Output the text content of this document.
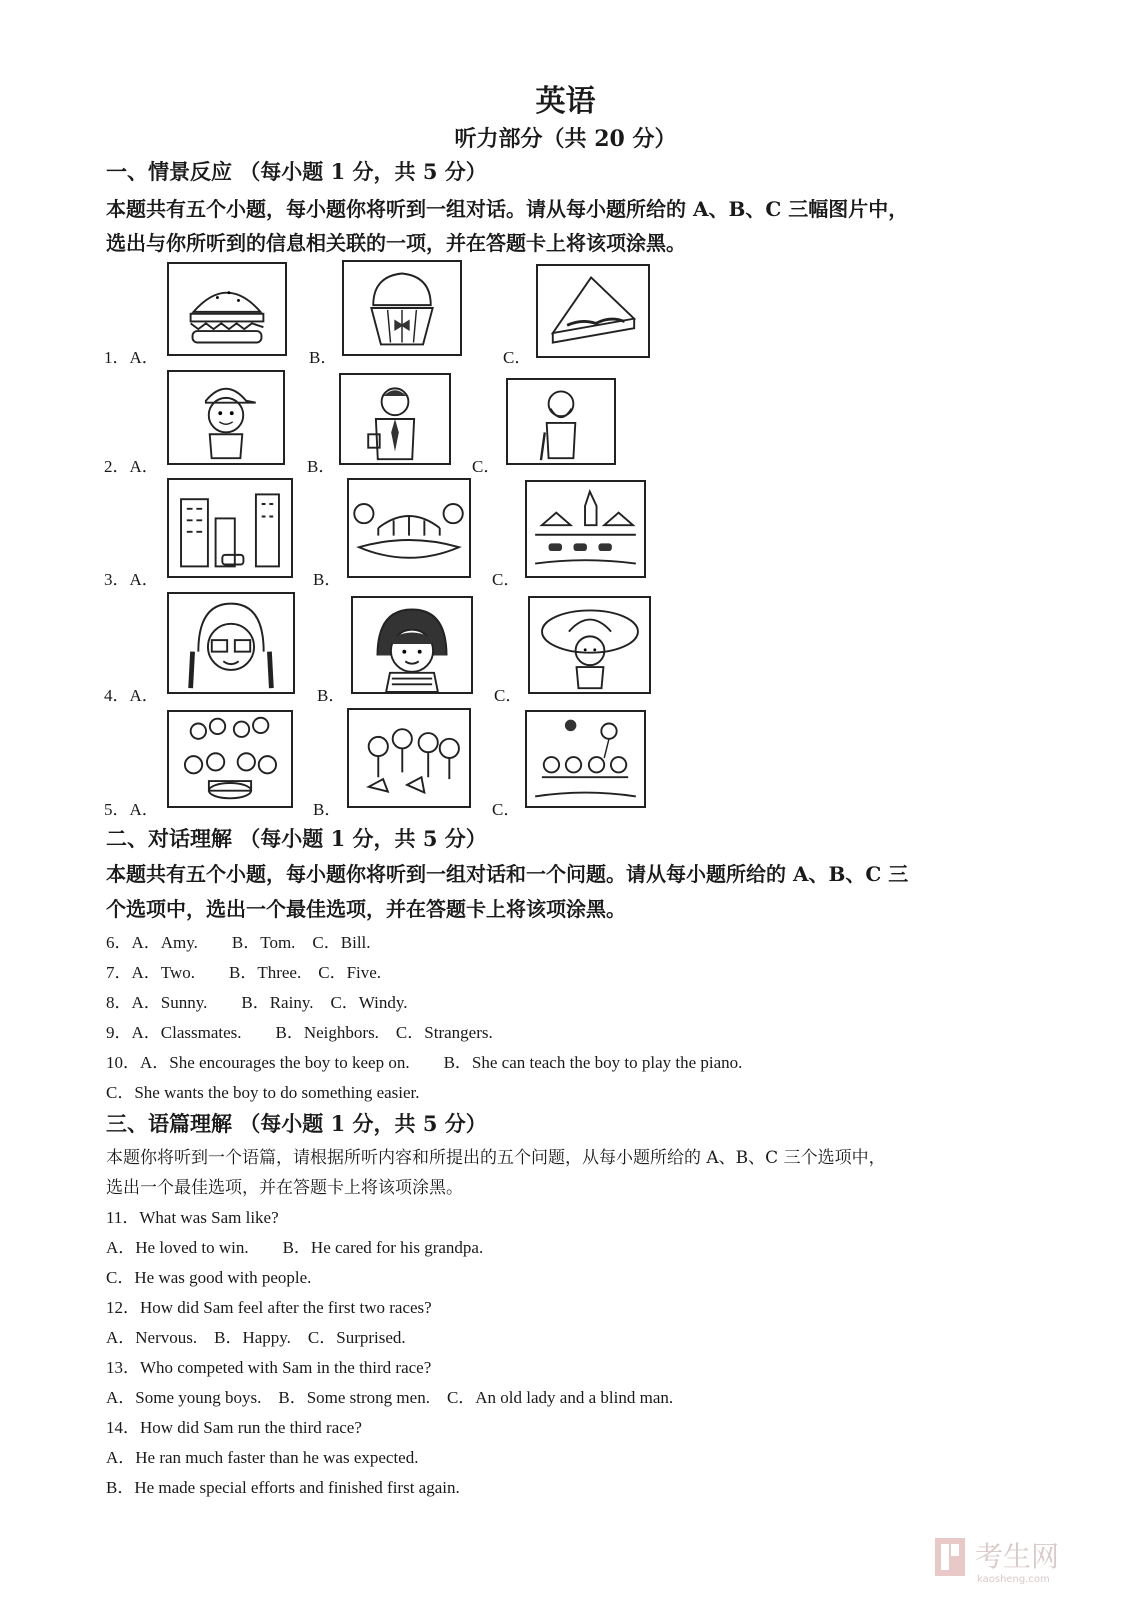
英语
听力部分（共 20 分）
一、情景反应 （每小题 1 分，共 5 分）
本题共有五个小题，每小题你将听到一组对话。请从每小题所给的 A、B、C 三幅图片中，
选出与你所听到的信息相关联的一项，并在答题卡上将该项涂黑。
1．A．	B．	C．
2．A．	B．	C．
3．A．	B．	C．
4．A．	B．	C．
5．A．	B．	C．
二、对话理解 （每小题 1 分，共 5 分）
本题共有五个小题，每小题你将听到一组对话和一个问题。请从每小题所给的 A、B、C 三
个选项中，选出一个最佳选项，并在答题卡上将该项涂黑。
6．A．Amy.　　B．Tom.　C．Bill.
7．A．Two.　　B．Three.　C．Five.
8．A．Sunny.　　B．Rainy.　C．Windy.
9．A．Classmates.　　B．Neighbors.　C．Strangers.
10．A．She encourages the boy to keep on.　　B．She can teach the boy to play the piano.
C．She wants the boy to do something easier.
三、语篇理解 （每小题 1 分，共 5 分）
本题你将听到一个语篇，请根据所听内容和所提出的五个问题，从每小题所给的 A、B、C 三个选项中，
选出一个最佳选项，并在答题卡上将该项涂黑。
11．What was Sam like?
A．He loved to win.　　B．He cared for his grandpa.
C．He was good with people.
12．How did Sam feel after the first two races?
A．Nervous.　B．Happy.　C．Surprised.
13．Who competed with Sam in the third race?
A．Some young boys.　B．Some strong men.　C．An old lady and a blind man.
14．How did Sam run the third race?
A．He ran much faster than he was expected.
B．He made special efforts and finished first again.
考生网
kaosheng.com
